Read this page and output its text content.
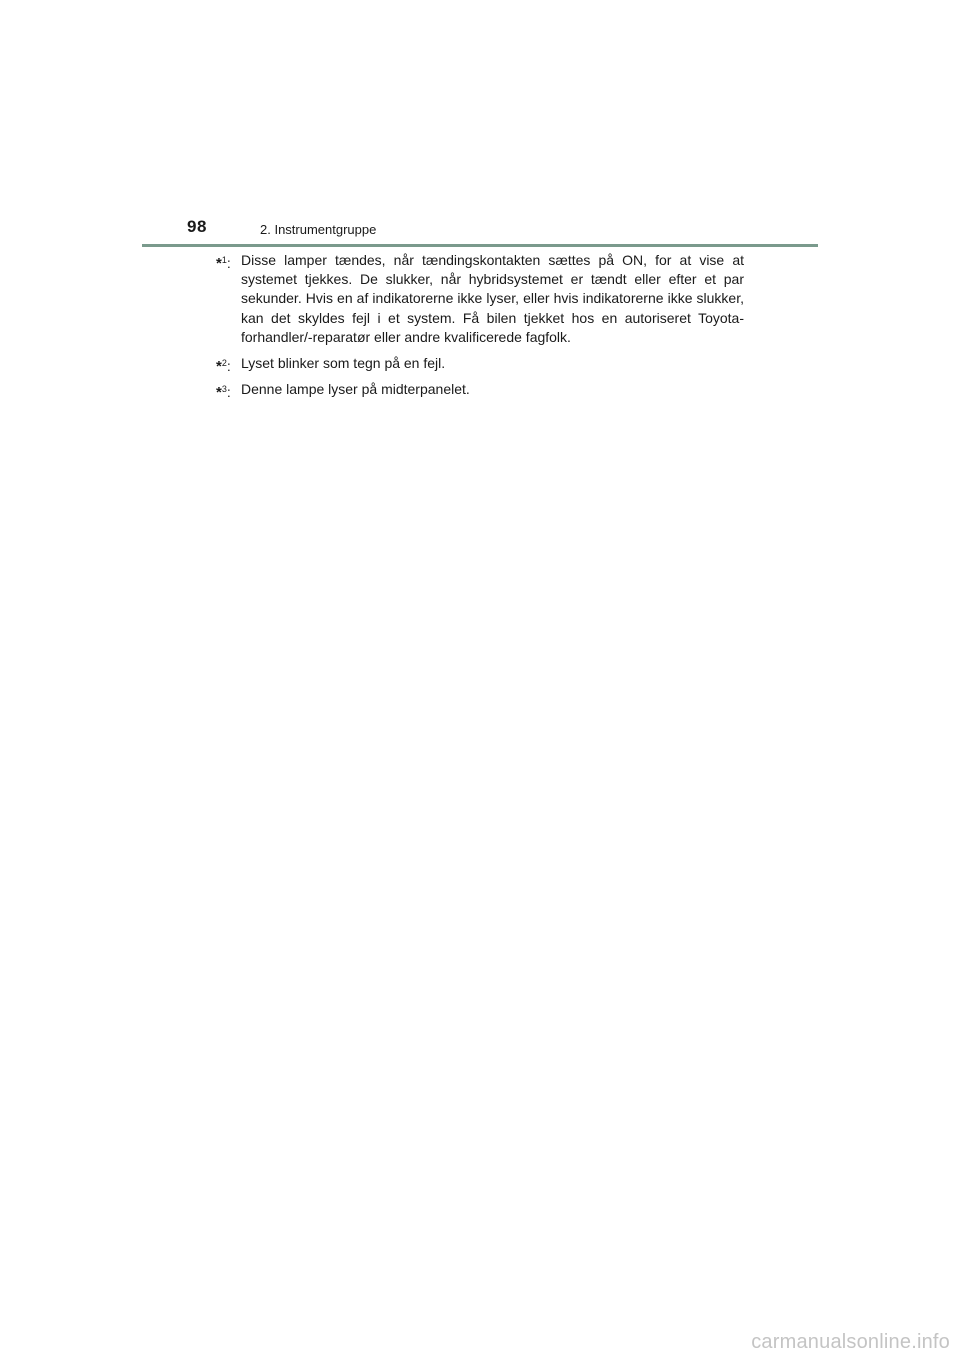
98	2. Instrumentgruppe
*$^1$: Disse lamper tændes, når tændingskontakten sættes på ON, for at vise at systemet tjekkes. De slukker, når hybridsystemet er tændt eller efter et par sekunder. Hvis en af indikatorerne ikke lyser, eller hvis indikatorerne ikke slukker, kan det skyldes fejl i et system. Få bilen tjekket hos en autoriseret Toyota-forhandler/-reparatør eller andre kvalificerede fagfolk.
*$^2$: Lyset blinker som tegn på en fejl.
*$^3$: Denne lampe lyser på midterpanelet.
carmanualsonline.info
